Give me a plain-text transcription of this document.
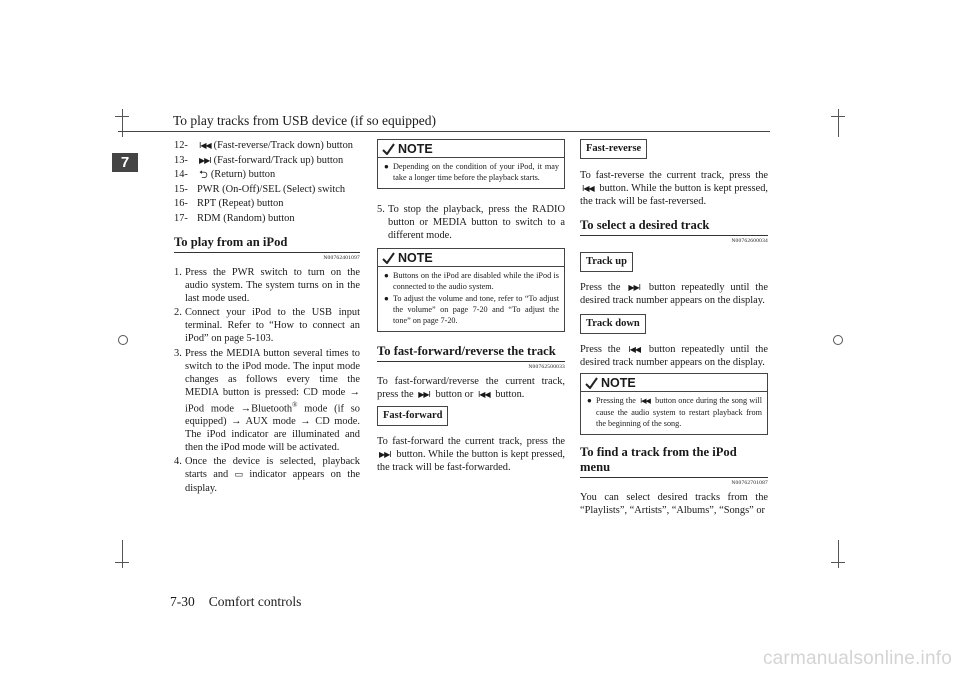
To play tracks from USB device (if so equipped)
7
12-	I◀◀ (Fast-reverse/Track down) button
13-	▶▶I (Fast-forward/Track up) button
14-	⮌ (Return) button
15- PWR (On-Off)/SEL (Select) switch
16- RPT (Repeat) button
17- RDM (Random) button
To play from an iPod
N00762401097
1. Press the PWR switch to turn on the audio system. The system turns on in the last mode used.
2. Connect your iPod to the USB input terminal. Refer to “How to connect an iPod” on page 5-103.
3. Press the MEDIA button several times to switch to the iPod mode. The input mode changes as follows every time the MEDIA button is pressed: CD mode → iPod mode →Bluetooth® mode (if so equipped) → AUX mode → CD mode. The iPod indicator are illuminated and then the iPod mode will be activated.
4. Once the device is selected, playback starts and ▭ indicator appears on the display.
NOTE
● Depending on the condition of your iPod, it may take a longer time before the playback starts.
5. To stop the playback, press the RADIO button or MEDIA button to switch to a different mode.
NOTE
● Buttons on the iPod are disabled while the iPod is connected to the audio system.
● To adjust the volume and tone, refer to “To adjust the volume” on page 7-20 and “To adjust the tone” on page 7-20.
To fast-forward/reverse the track
N00762500033

To fast-forward/reverse the current track, press the ▶▶I button or I◀◀ button.

Fast-forward

To fast-forward the current track, press the ▶▶I button. While the button is kept pressed, the track will be fast-forwarded.

Fast-reverse

To fast-reverse the current track, press the I◀◀ button. While the button is kept pressed, the track will be fast-reversed.

To select a desired track
N00762600034
Track up

Press the ▶▶I button repeatedly until the desired track number appears on the display.

Track down

Press the I◀◀ button repeatedly until the desired track number appears on the display.

NOTE
● Pressing the I◀◀ button once during the song will cause the audio system to restart playback from the beginning of the song.
To find a track from the iPod menu
N00762701087

You can select desired tracks from the “Playlists”, “Artists”, “Albums”, “Songs” or

7-30 Comfort controls
carmanualsonline.info
